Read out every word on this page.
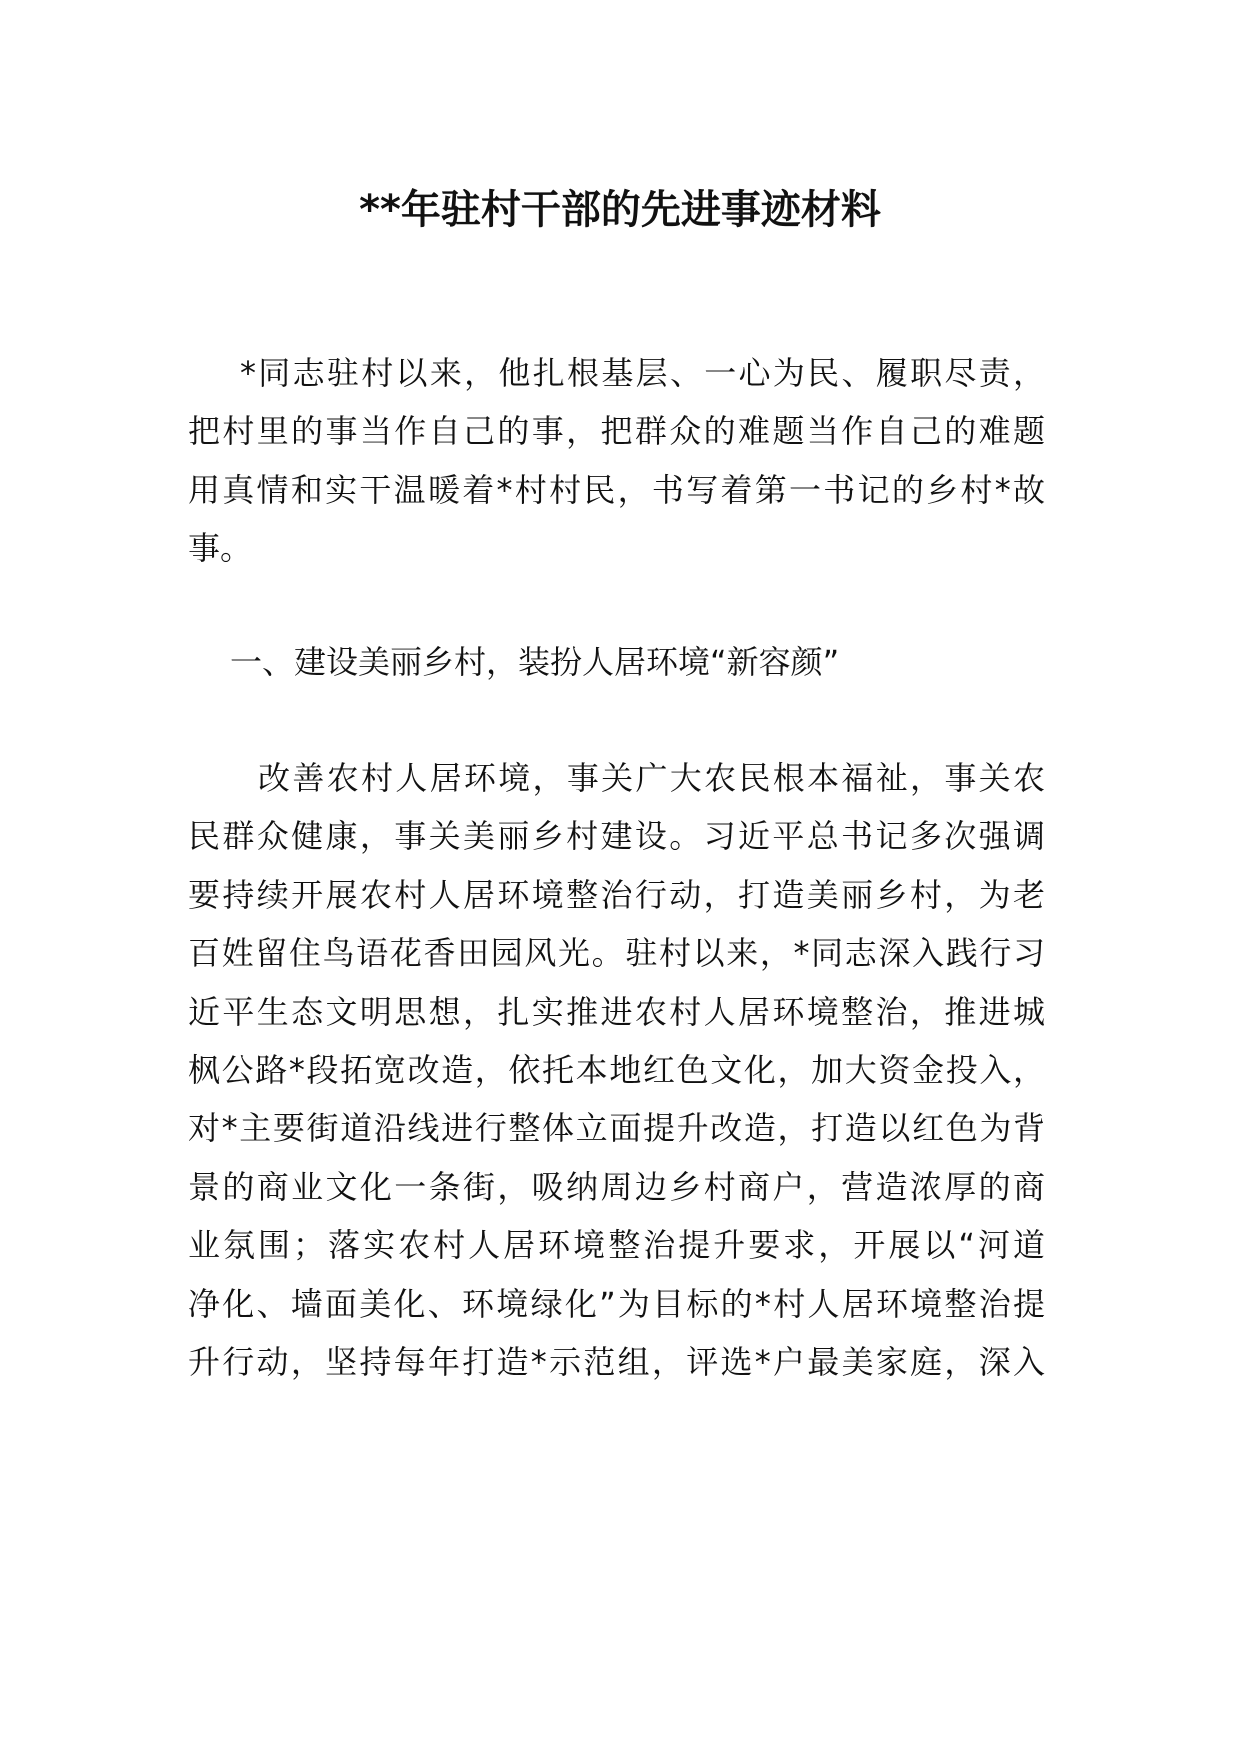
**年驻村干部的先进事迹材料
*同志驻村以来，他扎根基层、一心为民、履职尽责，
把村里的事当作自己的事，把群众的难题当作自己的难题
用真情和实干温暖着*村村民，书写着第一书记的乡村*故
事。
一、建设美丽乡村，装扮人居环境“新容颜”
改善农村人居环境，事关广大农民根本福祉，事关农
民群众健康，事关美丽乡村建设。习近平总书记多次强调
要持续开展农村人居环境整治行动，打造美丽乡村，为老
百姓留住鸟语花香田园风光。驻村以来，*同志深入践行习
近平生态文明思想，扎实推进农村人居环境整治，推进城
枫公路*段拓宽改造，依托本地红色文化，加大资金投入，
对*主要街道沿线进行整体立面提升改造，打造以红色为背
景的商业文化一条街，吸纳周边乡村商户，营造浓厚的商
业氛围；落实农村人居环境整治提升要求，开展以“河道
净化、墙面美化、环境绿化”为目标的*村人居环境整治提
升行动，坚持每年打造*示范组，评选*户最美家庭，深入
